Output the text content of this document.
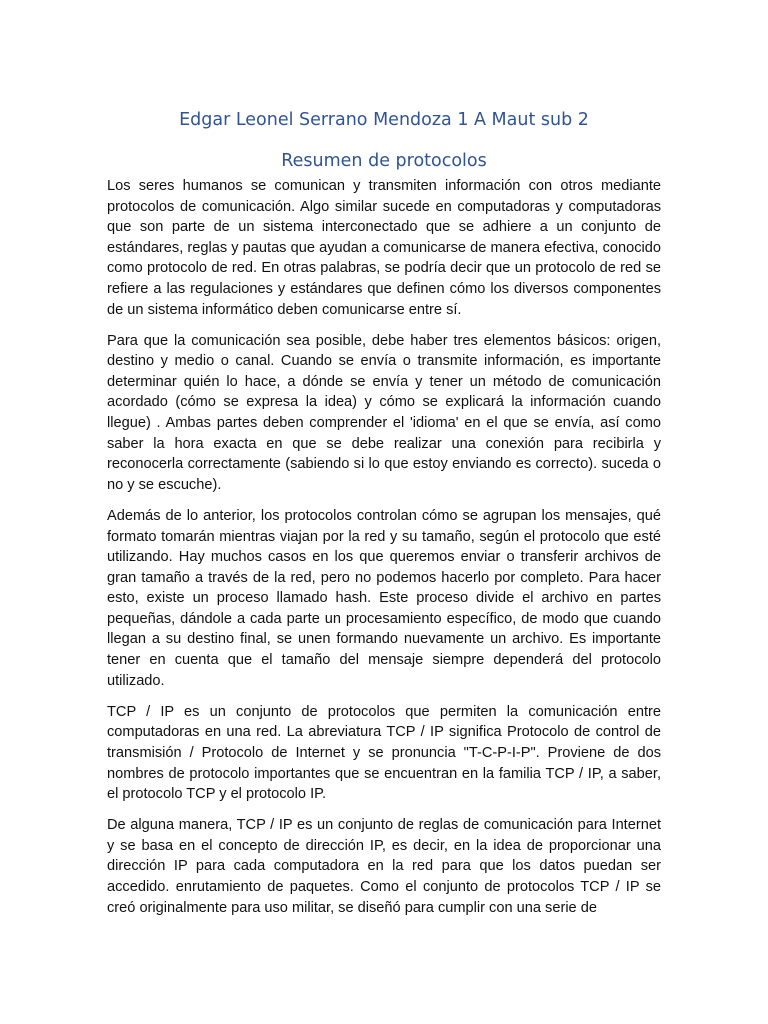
Edgar Leonel Serrano Mendoza 1 A Maut sub 2
Resumen de protocolos

Los seres humanos se comunican y transmiten información con otros mediante protocolos de comunicación. Algo similar sucede en computadoras y computadoras que son parte de un sistema interconectado que se adhiere a un conjunto de estándares, reglas y pautas que ayudan a comunicarse de manera efectiva, conocido como protocolo de red. En otras palabras, se podría decir que un protocolo de red se refiere a las regulaciones y estándares que definen cómo los diversos componentes de un sistema informático deben comunicarse entre sí.

Para que la comunicación sea posible, debe haber tres elementos básicos: origen, destino y medio o canal. Cuando se envía o transmite información, es importante determinar quién lo hace, a dónde se envía y tener un método de comunicación acordado (cómo se expresa la idea) y cómo se explicará la información cuando llegue) . Ambas partes deben comprender el 'idioma' en el que se envía, así como saber la hora exacta en que se debe realizar una conexión para recibirla y reconocerla correctamente (sabiendo si lo que estoy enviando es correcto). suceda o no y se escuche).

Además de lo anterior, los protocolos controlan cómo se agrupan los mensajes, qué formato tomarán mientras viajan por la red y su tamaño, según el protocolo que esté utilizando. Hay muchos casos en los que queremos enviar o transferir archivos de gran tamaño a través de la red, pero no podemos hacerlo por completo. Para hacer esto, existe un proceso llamado hash. Este proceso divide el archivo en partes pequeñas, dándole a cada parte un procesamiento específico, de modo que cuando llegan a su destino final, se unen formando nuevamente un archivo. Es importante tener en cuenta que el tamaño del mensaje siempre dependerá del protocolo utilizado.

TCP / IP es un conjunto de protocolos que permiten la comunicación entre computadoras en una red. La abreviatura TCP / IP significa Protocolo de control de transmisión / Protocolo de Internet y se pronuncia "T-C-P-I-P". Proviene de dos nombres de protocolo importantes que se encuentran en la familia TCP / IP, a saber, el protocolo TCP y el protocolo IP.

De alguna manera, TCP / IP es un conjunto de reglas de comunicación para Internet y se basa en el concepto de dirección IP, es decir, en la idea de proporcionar una dirección IP para cada computadora en la red para que los datos puedan ser accedido. enrutamiento de paquetes. Como el conjunto de protocolos TCP / IP se creó originalmente para uso militar, se diseñó para cumplir con una serie de
